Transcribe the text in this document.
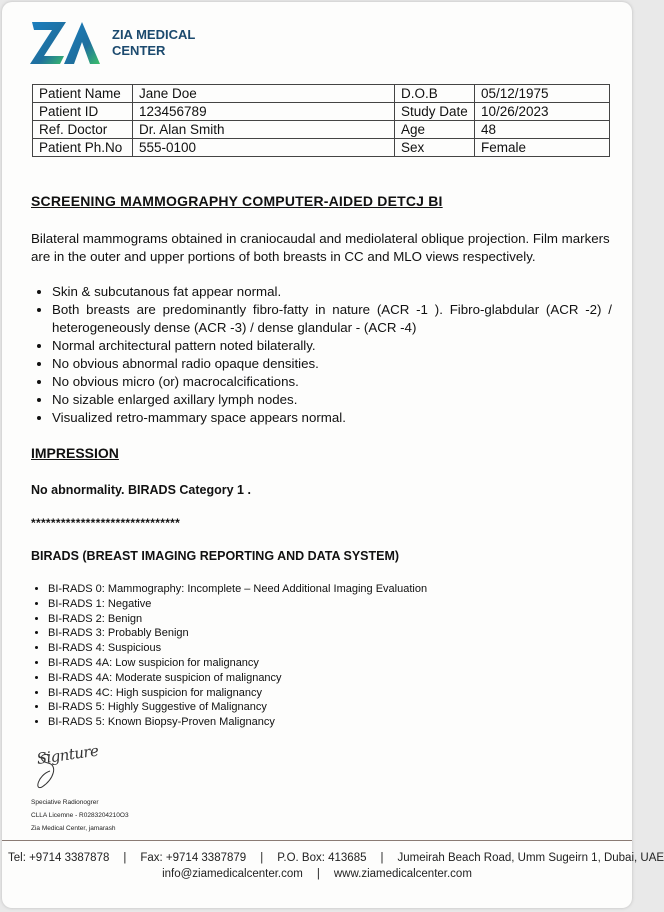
ZIA MEDICAL
CENTER
Patient Name	Jane Doe	D.O.B	05/12/1975
Patient ID	123456789	Study Date	10/26/2023
Ref. Doctor	Dr. Alan Smith	Age	48
Patient Ph.No	555-0100	Sex	Female
SCREENING MAMMOGRAPHY COMPUTER-AIDED DETCJ BI
Bilateral mammograms obtained in craniocaudal and mediolateral oblique projection. Film markers are in the outer and upper portions of both breasts in CC and MLO views respectively.
• Skin & subcutanous fat appear normal.
• Both breasts are predominantly fibro-fatty in nature (ACR -1 ). Fibro-glabdular (ACR -2) / heterogeneously dense (ACR -3) / dense glandular - (ACR -4)
• Normal architectural pattern noted bilaterally.
• No obvious abnormal radio opaque densities.
• No obvious micro (or) macrocalcifications.
• No sizable enlarged axillary lymph nodes.
• Visualized retro-mammary space appears normal.
IMPRESSION
No abnormality. BIRADS Category 1 .
******************************
BIRADS (BREAST IMAGING REPORTING AND DATA SYSTEM)
• BI-RADS 0: Mammography: Incomplete – Need Additional Imaging Evaluation
• BI-RADS 1: Negative
• BI-RADS 2: Benign
• BI-RADS 3: Probably Benign
• BI-RADS 4: Suspicious
• BI-RADS 4A: Low suspicion for malignancy
• BI-RADS 4A: Moderate suspicion of malignancy
• BI-RADS 4C: High suspicion for malignancy
• BI-RADS 5: Highly Suggestive of Malignancy
• BI-RADS 5: Known Biopsy-Proven Malignancy
Signture
Speciative Radionogrer
CLLA Licemne - R0283204210O3
Zia Medical Center, jamarash
Tel: +9714 3387878 | Fax: +9714 3387879 | P.O. Box: 413685 | Jumeirah Beach Road, Umm Sugeirn 1, Dubai, UAE
info@ziamedicalcenter.com | www.ziamedicalcenter.com
